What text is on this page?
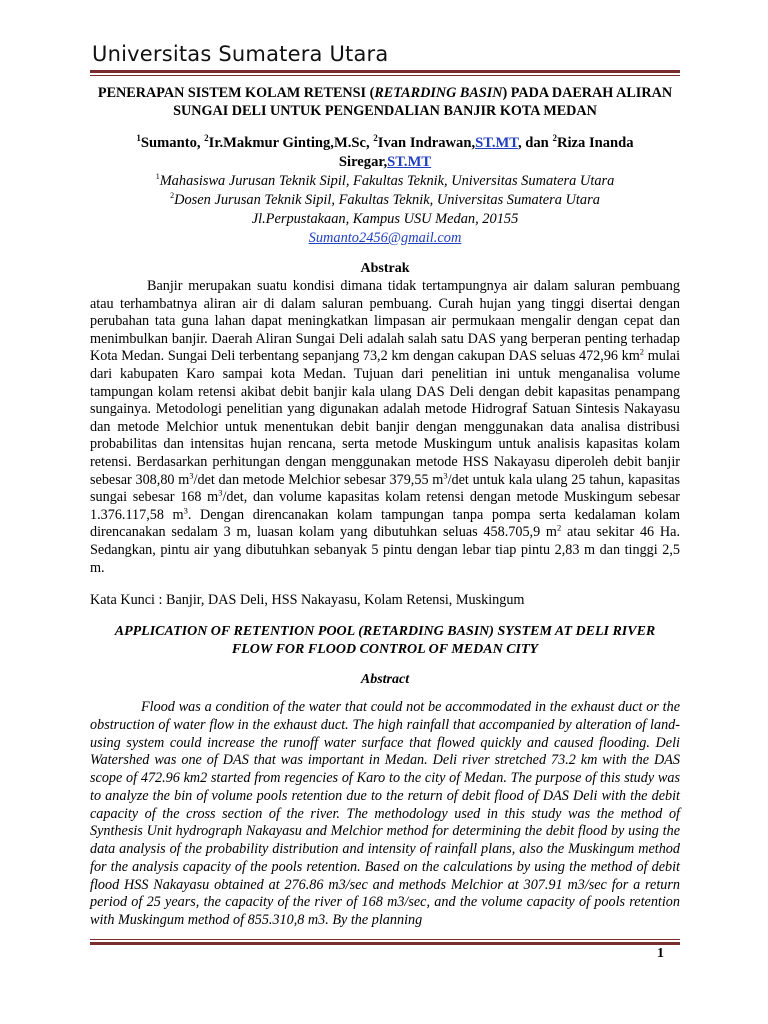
Universitas Sumatera Utara
PENERAPAN SISTEM KOLAM RETENSI (RETARDING BASIN) PADA DAERAH ALIRAN SUNGAI DELI UNTUK PENGENDALIAN BANJIR KOTA MEDAN
$^1$Sumanto, $^2$Ir.Makmur Ginting,M.Sc, $^2$Ivan Indrawan,ST.MT, dan $^2$Riza Inanda Siregar,ST.MT
$^1$Mahasiswa Jurusan Teknik Sipil, Fakultas Teknik, Universitas Sumatera Utara
$^2$Dosen Jurusan Teknik Sipil, Fakultas Teknik, Universitas Sumatera Utara
Jl.Perpustakaan, Kampus USU Medan, 20155
Sumanto2456@gmail.com
Abstrak

Banjir merupakan suatu kondisi dimana tidak tertampungnya air dalam saluran pembuang atau terhambatnya aliran air di dalam saluran pembuang. Curah hujan yang tinggi disertai dengan perubahan tata guna lahan dapat meningkatkan limpasan air permukaan mengalir dengan cepat dan menimbulkan banjir. Daerah Aliran Sungai Deli adalah salah satu DAS yang berperan penting terhadap Kota Medan. Sungai Deli terbentang sepanjang 73,2 km dengan cakupan DAS seluas 472,96 $km^2$ mulai dari kabupaten Karo sampai kota Medan. Tujuan dari penelitian ini untuk menganalisa volume tampungan kolam retensi akibat debit banjir kala ulang DAS Deli dengan debit kapasitas penampang sungainya. Metodologi penelitian yang digunakan adalah metode Hidrograf Satuan Sintesis Nakayasu dan metode Melchior untuk menentukan debit banjir dengan menggunakan data analisa distribusi probabilitas dan intensitas hujan rencana, serta metode Muskingum untuk analisis kapasitas kolam retensi. Berdasarkan perhitungan dengan menggunakan metode HSS Nakayasu diperoleh debit banjir sebesar 308,80 $m^3/\det$ dan metode Melchior sebesar 379,55 $m^3/\det$ untuk kala ulang 25 tahun, kapasitas sungai sebesar 168 $m^3/\det$, dan volume kapasitas kolam retensi dengan metode Muskingum sebesar 1.376.117,58 $m^3$. Dengan direncanakan kolam tampungan tanpa pompa serta kedalaman kolam direncanakan sedalam 3 m, luasan kolam yang dibutuhkan seluas 458.705,9 $m^2$ atau sekitar 46 Ha. Sedangkan, pintu air yang dibutuhkan sebanyak 5 pintu dengan lebar tiap pintu 2,83 m dan tinggi 2,5 m.

Kata Kunci : Banjir, DAS Deli, HSS Nakayasu, Kolam Retensi, Muskingum
APPLICATION OF RETENTION POOL (RETARDING BASIN) SYSTEM AT DELI RIVER FLOW FOR FLOOD CONTROL OF MEDAN CITY
Abstract

Flood was a condition of the water that could not be accommodated in the exhaust duct or the obstruction of water flow in the exhaust duct. The high rainfall that accompanied by alteration of land-using system could increase the runoff water surface that flowed quickly and caused flooding. Deli Watershed was one of DAS that was important in Medan. Deli river stretched 73.2 km with the DAS scope of 472.96 km2 started from regencies of Karo to the city of Medan. The purpose of this study was to analyze the bin of volume pools retention due to the return of debit flood of DAS Deli with the debit capacity of the cross section of the river. The methodology used in this study was the method of Synthesis Unit hydrograph Nakayasu and Melchior method for determining the debit flood by using the data analysis of the probability distribution and intensity of rainfall plans, also the Muskingum method for the analysis capacity of the pools retention. Based on the calculations by using the method of debit flood HSS Nakayasu obtained at 276.86 m3/sec and methods Melchior at 307.91 m3/sec for a return period of 25 years, the capacity of the river of 168 m3/sec, and the volume capacity of pools retention with Muskingum method of 855.310,8 m3. By the planning

1
